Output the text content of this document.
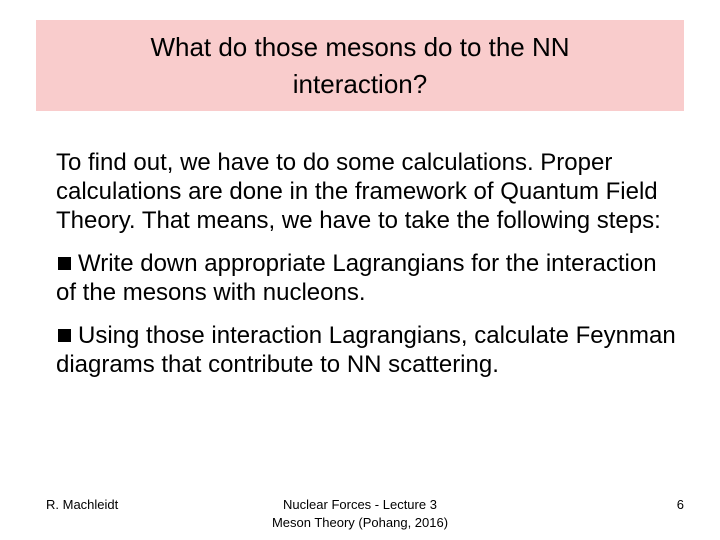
What do those mesons do to the NN interaction?

To find out, we have to do some calculations. Proper calculations are done in the framework of Quantum Field Theory. That means, we have to take the following steps:

Write down appropriate Lagrangians for the interaction of the mesons with nucleons.

Using those interaction Lagrangians, calculate Feynman diagrams that contribute to NN scattering.

R. Machleidt	Nuclear Forces - Lecture 3
Meson Theory (Pohang, 2016)
6
